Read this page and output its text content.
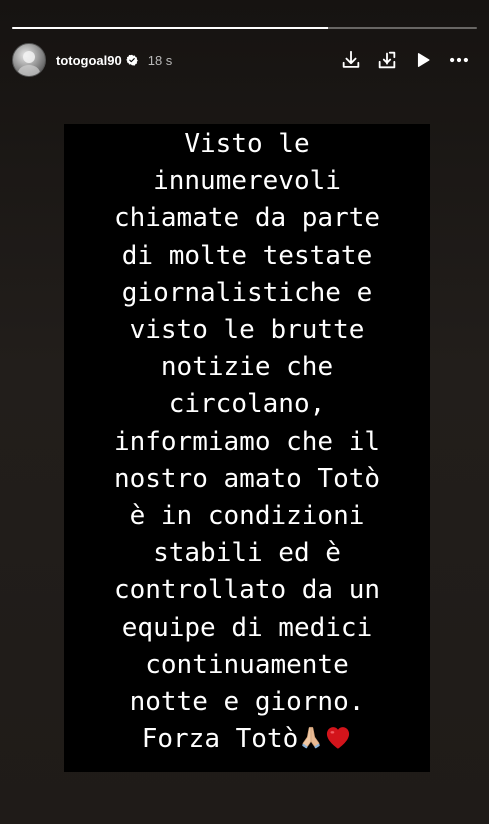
totogoal90 18 s
Visto le
innumerevoli
chiamate da parte
di molte testate
giornalistiche e
visto le brutte
notizie che
circolano,
informiamo che il
nostro amato Totò
è in condizioni
stabili ed è
controllato da un
equipe di medici
continuamente
notte e giorno.
Forza Totò
